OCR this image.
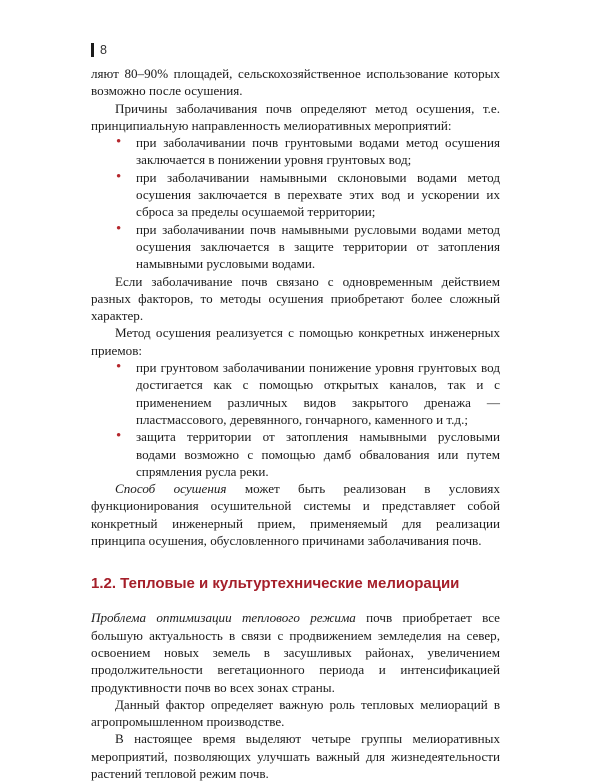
8

ляют 80–90% площадей, сельскохозяйственное использование которых возможно после осушения.

Причины заболачивания почв определяют метод осушения, т.е. принципиальную направленность мелиоративных мероприятий:

• при заболачивании почв грунтовыми водами метод осушения заключается в понижении уровня грунтовых вод;
• при заболачивании намывными склоновыми водами метод осушения заключается в перехвате этих вод и ускорении их сброса за пределы осушаемой территории;
• при заболачивании почв намывными русловыми водами метод осушения заключается в защите территории от затопления намывными русловыми водами.

Если заболачивание почв связано с одновременным действием разных факторов, то методы осушения приобретают более сложный характер.

Метод осушения реализуется с помощью конкретных инженерных приемов:

• при грунтовом заболачивании понижение уровня грунтовых вод достигается как с помощью открытых каналов, так и с применением различных видов закрытого дренажа — пластмассового, деревянного, гончарного, каменного и т.д.;
• защита территории от затопления намывными русловыми водами возможно с помощью дамб обвалования или путем спрямления русла реки.

Способ осушения может быть реализован в условиях функционирования осушительной системы и представляет собой конкретный инженерный прием, применяемый для реализации принципа осушения, обусловленного причинами заболачивания почв.

1.2. Тепловые и культуртехнические мелиорации

Проблема оптимизации теплового режима почв приобретает все большую актуальность в связи с продвижением земледелия на север, освоением новых земель в засушливых районах, увеличением продолжительности вегетационного периода и интенсификацией продуктивности почв во всех зонах страны.

Данный фактор определяет важную роль тепловых мелиораций в агропромышленном производстве.

В настоящее время выделяют четыре группы мелиоративных мероприятий, позволяющих улучшать важный для жизнедеятельности растений тепловой режим почв.
